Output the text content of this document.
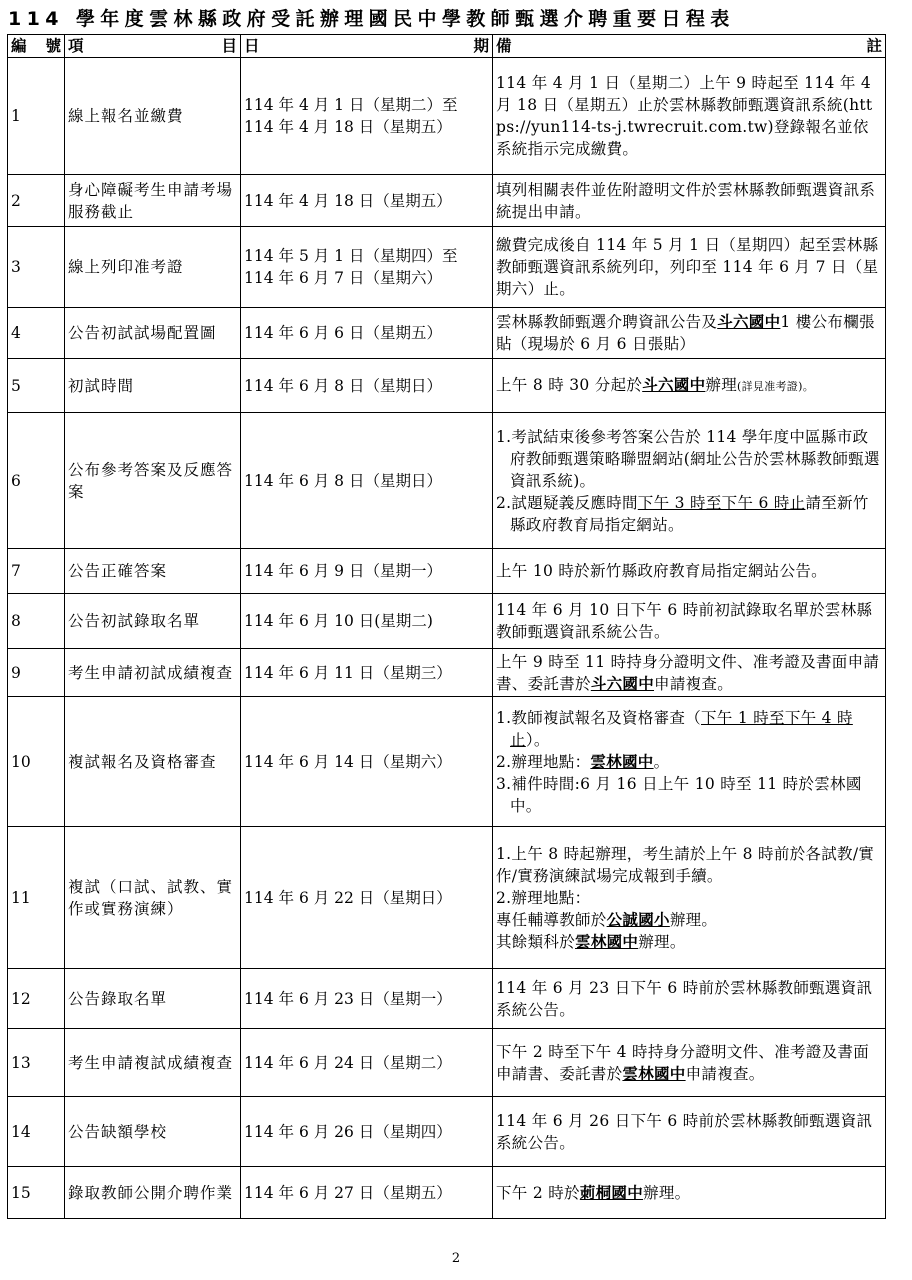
114 學年度雲林縣政府受託辦理國民中學教師甄選介聘重要日程表
編 號	項 目	日 期	備 註

1	線上報名並繳費	114 年 4 月 1 日（星期二）至
114 年 4 月 18 日（星期五）	114 年 4 月 1 日（星期二）上午 9 時起至 114 年 4 月 18 日（星期五）止於雲林縣教師甄選資訊系統(https://yun114-ts-j.twrecruit.com.tw)登錄報名並依系統指示完成繳費。
2	身心障礙考生申請考場服務截止	114 年 4 月 18 日（星期五）	填列相關表件並佐附證明文件於雲林縣教師甄選資訊系統提出申請。
3	線上列印准考證	114 年 5 月 1 日（星期四）至
114 年 6 月 7 日（星期六）	繳費完成後自 114 年 5 月 1 日（星期四）起至雲林縣教師甄選資訊系統列印，列印至 114 年 6 月 7 日（星期六）止。
4	公告初試試場配置圖	114 年 6 月 6 日（星期五）	雲林縣教師甄選介聘資訊公告及斗六國中1 樓公布欄張貼（現場於 6 月 6 日張貼）
5	初試時間	114 年 6 月 8 日（星期日）	上午 8 時 30 分起於斗六國中辦理(詳見准考證)。
6	公布參考答案及反應答案	114 年 6 月 8 日（星期日）	1.考試結束後參考答案公告於 114 學年度中區縣市政府教師甄選策略聯盟網站(網址公告於雲林縣教師甄選資訊系統)。
2.試題疑義反應時間下午 3 時至下午 6 時止請至新竹縣政府教育局指定網站。

7	公告正確答案	114 年 6 月 9 日（星期一）	上午 10 時於新竹縣政府教育局指定網站公告。
8	公告初試錄取名單	114 年 6 月 10 日(星期二)	114 年 6 月 10 日下午 6 時前初試錄取名單於雲林縣教師甄選資訊系統公告。
9	考生申請初試成績複查	114 年 6 月 11 日（星期三）	上午 9 時至 11 時持身分證明文件、准考證及書面申請書、委託書於斗六國中申請複查。
10	複試報名及資格審查	114 年 6 月 14 日（星期六）	1.教師複試報名及資格審查（下午 1 時至下午 4 時止）。
2.辦理地點：雲林國中。
3.補件時間:6 月 16 日上午 10 時至 11 時於雲林國中。

11	複試（口試、試教、實作或實務演練）	114 年 6 月 22 日（星期日）	1.上午 8 時起辦理，考生請於上午 8 時前於各試教/實作/實務演練試場完成報到手續。
2.辦理地點：
專任輔導教師於公誠國小辦理。
其餘類科於雲林國中辦理。

12	公告錄取名單	114 年 6 月 23 日（星期一）	114 年 6 月 23 日下午 6 時前於雲林縣教師甄選資訊系統公告。
13	考生申請複試成績複查	114 年 6 月 24 日（星期二）	下午 2 時至下午 4 時持身分證明文件、准考證及書面申請書、委託書於雲林國中申請複查。
14	公告缺額學校	114 年 6 月 26 日（星期四）	114 年 6 月 26 日下午 6 時前於雲林縣教師甄選資訊系統公告。
15	錄取教師公開介聘作業	114 年 6 月 27 日（星期五）	下午 2 時於莿桐國中辦理。
2
